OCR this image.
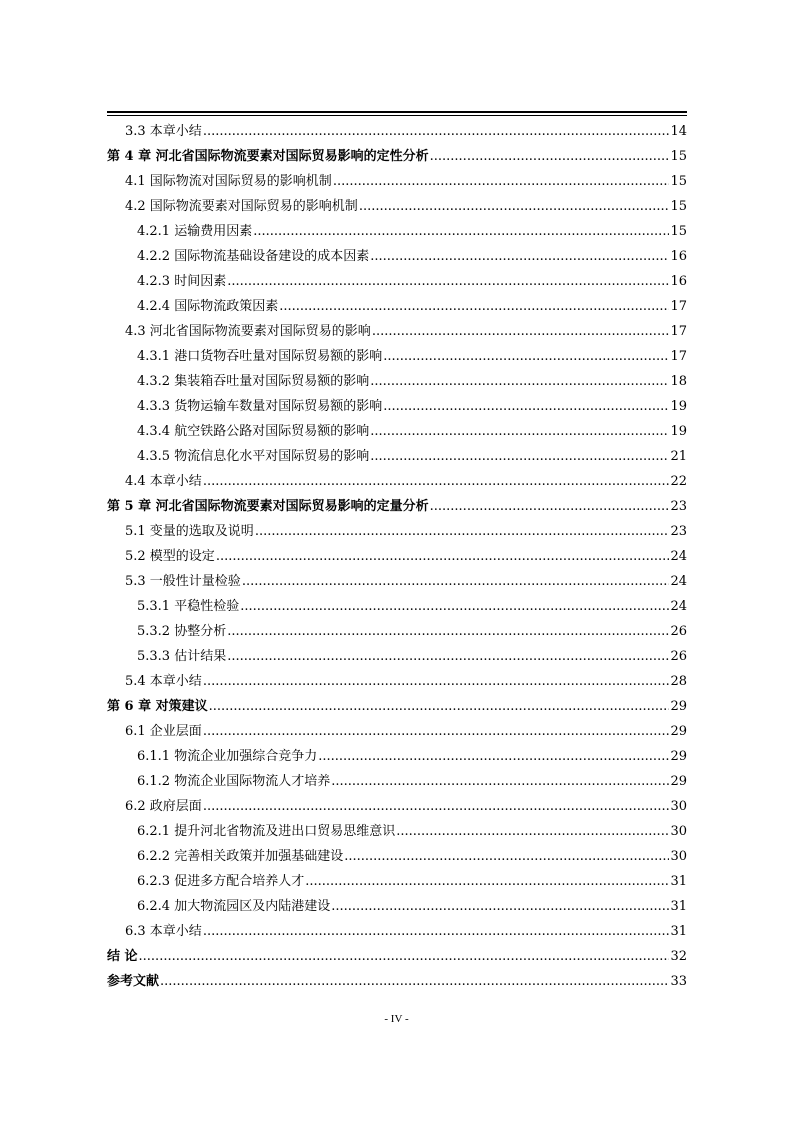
3.3 本章小结 .....	14
第 4 章 河北省国际物流要素对国际贸易影响的定性分析 .....	15
4.1 国际物流对国际贸易的影响机制 .....	15
4.2 国际物流要素对国际贸易的影响机制 .....	15
4.2.1 运输费用因素 .....	15
4.2.2 国际物流基础设备建设的成本因素 .....	16
4.2.3 时间因素 .....	16
4.2.4 国际物流政策因素 .....	17
4.3 河北省国际物流要素对国际贸易的影响 .....	17
4.3.1 港口货物吞吐量对国际贸易额的影响 .....	17
4.3.2 集装箱吞吐量对国际贸易额的影响 .....	18
4.3.3 货物运输车数量对国际贸易额的影响 .....	19
4.3.4 航空铁路公路对国际贸易额的影响 .....	19
4.3.5 物流信息化水平对国际贸易的影响 .....	21
4.4 本章小结 .....	22
第 5 章 河北省国际物流要素对国际贸易影响的定量分析 .....	23
5.1 变量的选取及说明 .....	23
5.2 模型的设定 .....	24
5.3 一般性计量检验 .....	24
5.3.1 平稳性检验 .....	24
5.3.2 协整分析 .....	26
5.3.3 估计结果 .....	26
5.4 本章小结 .....	28
第 6 章 对策建议 .....	29
6.1 企业层面 .....	29
6.1.1 物流企业加强综合竞争力 .....	29
6.1.2 物流企业国际物流人才培养 .....	29
6.2 政府层面 .....	30
6.2.1 提升河北省物流及进出口贸易思维意识 .....	30
6.2.2 完善相关政策并加强基础建设 .....	30
6.2.3 促进多方配合培养人才 .....	31
6.2.4 加大物流园区及内陆港建设 .....	31
6.3 本章小结 .....	31
结 论 .....	32
参考文献 .....	33
- IV -
